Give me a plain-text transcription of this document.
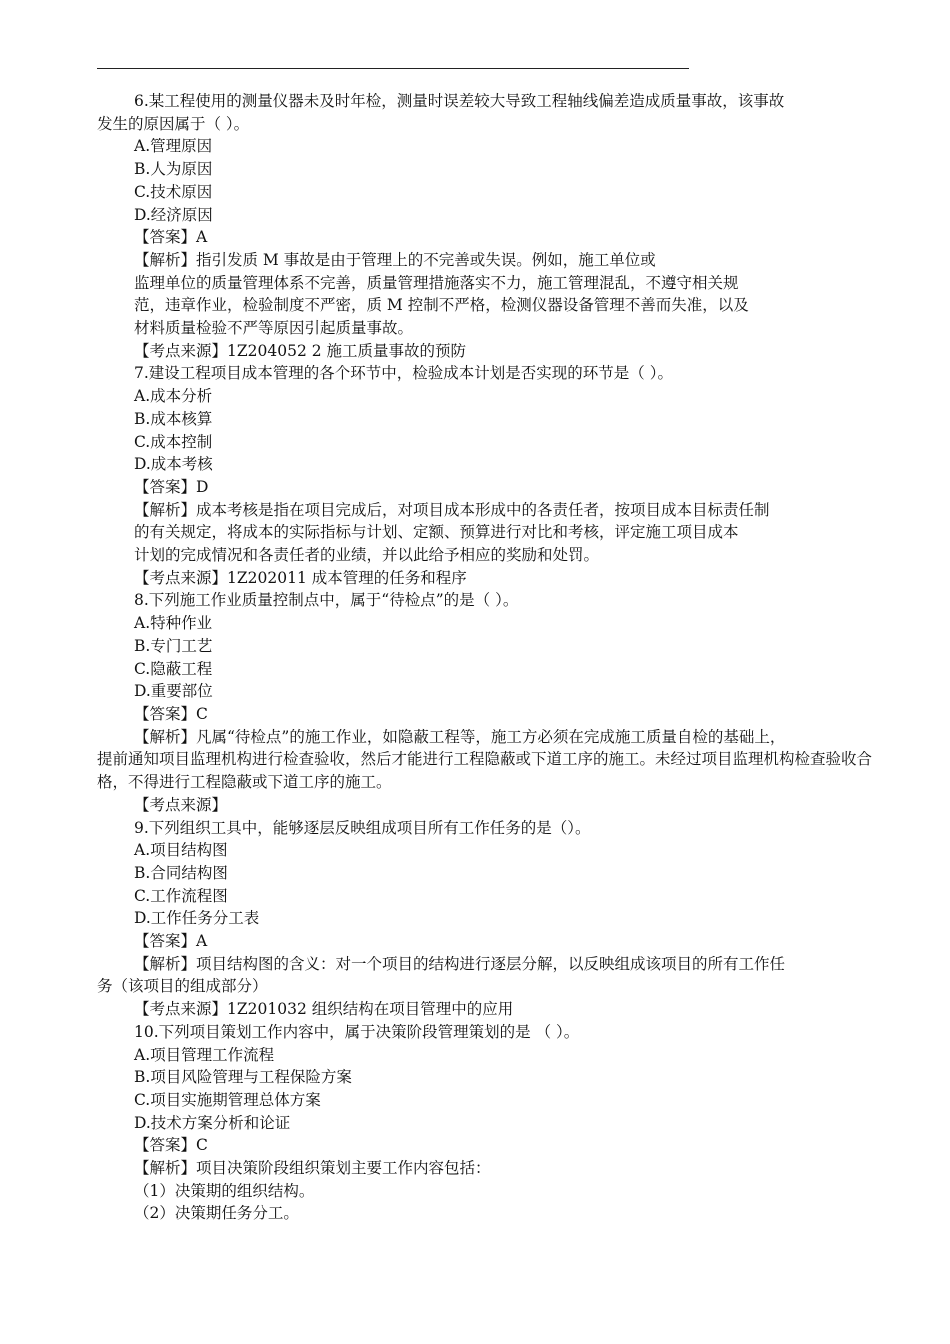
6.某工程使用的测量仪器未及时年检，测量时误差较大导致工程轴线偏差造成质量事故，该事故
发生的原因属于（ ）。
A.管理原因
B.人为原因
C.技术原因
D.经济原因
【答案】A
【解析】指引发质 M 事故是由于管理上的不完善或失误。例如，施工单位或
监理单位的质量管理体系不完善，质量管理措施落实不力，施工管理混乱，不遵守相关规
范，违章作业，检验制度不严密，质 M 控制不严格，检测仪器设备管理不善而失准，以及
材料质量检验不严等原因引起质量事故。
【考点来源】1Z204052 2 施工质量事故的预防
7.建设工程项目成本管理的各个环节中，检验成本计划是否实现的环节是（ ）。
A.成本分析
B.成本核算
C.成本控制
D.成本考核
【答案】D
【解析】成本考核是指在项目完成后，对项目成本形成中的各责任者，按项目成本目标责任制
的有关规定，将成本的实际指标与计划、定额、预算进行对比和考核，评定施工项目成本
计划的完成情况和各责任者的业绩，并以此给予相应的奖励和处罚。
【考点来源】1Z202011 成本管理的任务和程序
8.下列施工作业质量控制点中，属于“待检点”的是（ ）。
A.特种作业
B.专门工艺
C.隐蔽工程
D.重要部位
【答案】C
【解析】凡属“待检点”的施工作业，如隐蔽工程等，施工方必须在完成施工质量自检的基础上，
提前通知项目监理机构进行检查验收，然后才能进行工程隐蔽或下道工序的施工。未经过项目监理机构检查验收合格，不得进行工程隐蔽或下道工序的施工。
【考点来源】
9.下列组织工具中，能够逐层反映组成项目所有工作任务的是（）。
A.项目结构图
B.合同结构图
C.工作流程图
D.工作任务分工表
【答案】A
【解析】项目结构图的含义：对一个项目的结构进行逐层分解，以反映组成该项目的所有工作任
务（该项目的组成部分）
【考点来源】1Z201032 组织结构在项目管理中的应用
10.下列项目策划工作内容中，属于决策阶段管理策划的是 （ ）。
A.项目管理工作流程
B.项目风险管理与工程保险方案
C.项目实施期管理总体方案
D.技术方案分析和论证
【答案】C
【解析】项目决策阶段组织策划主要工作内容包括：
（1）决策期的组织结构。
（2）决策期任务分工。
